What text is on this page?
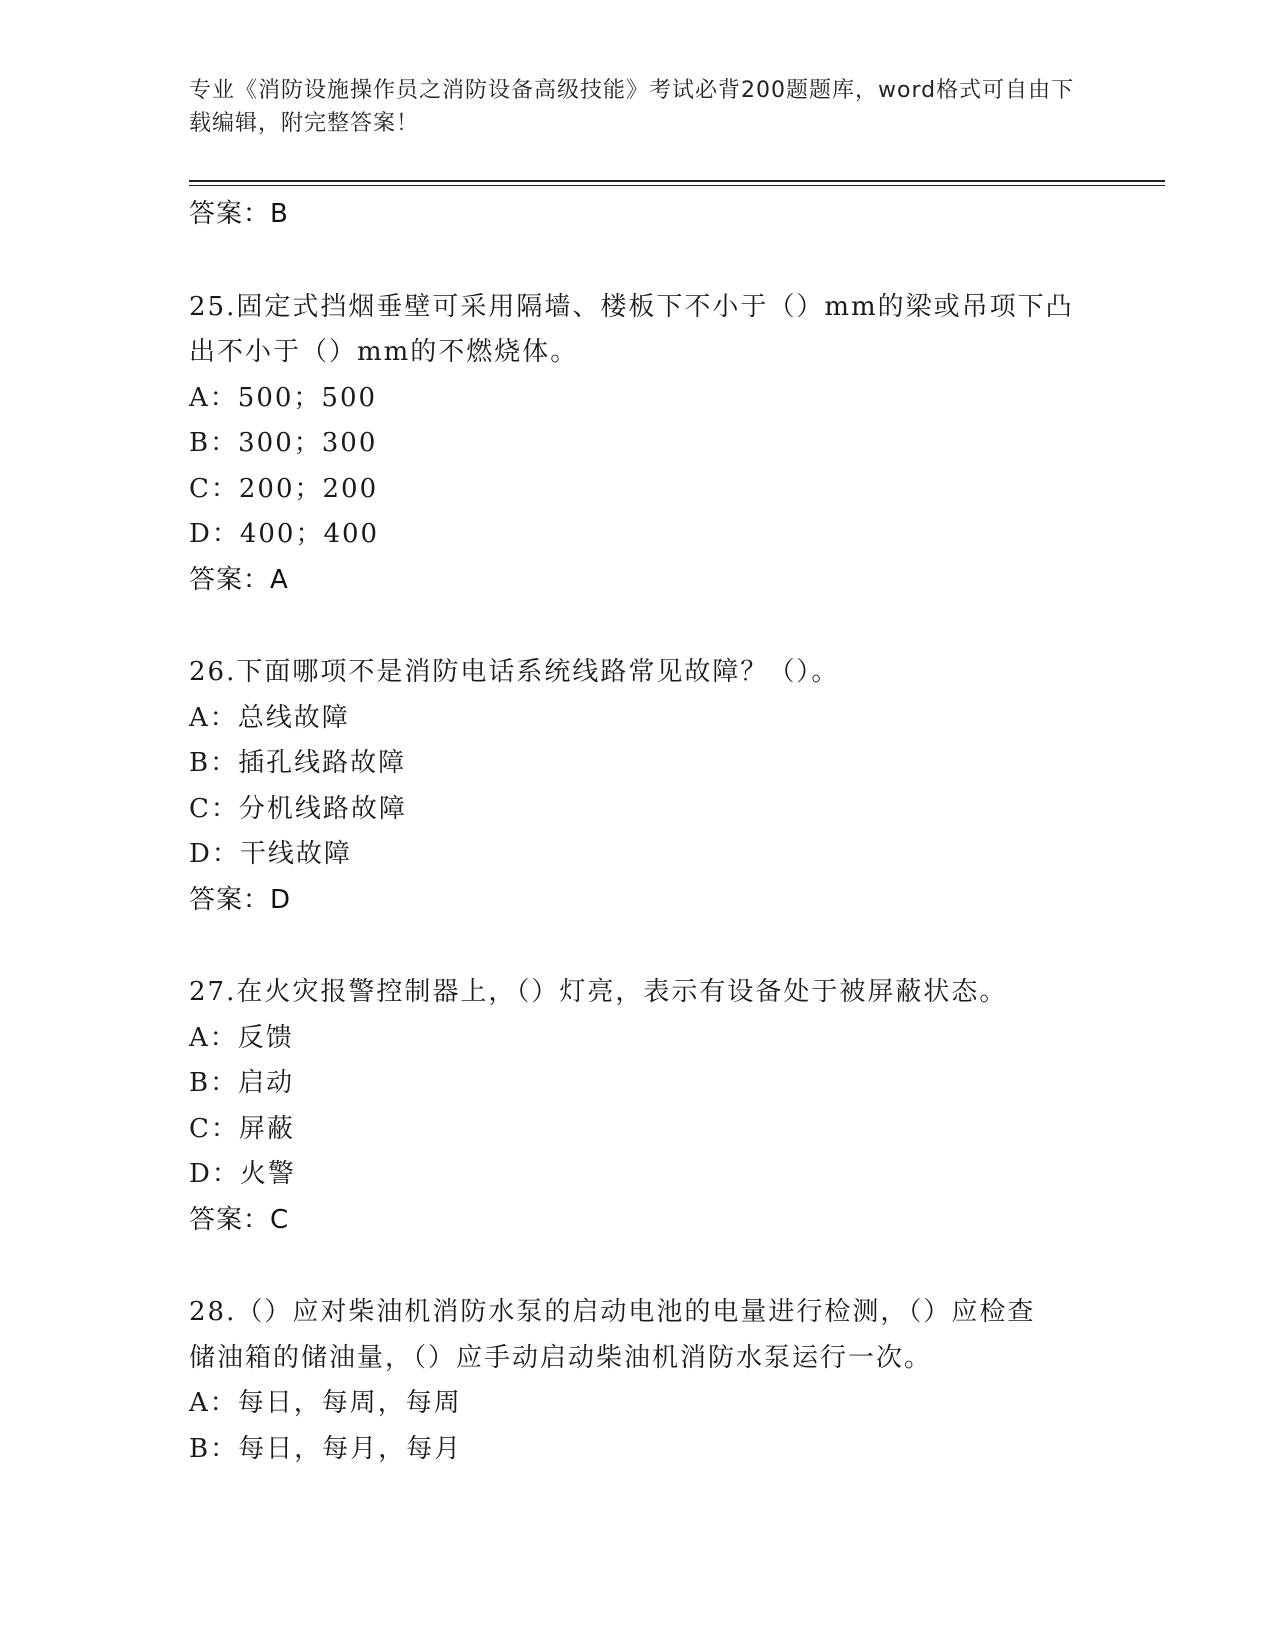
专业《消防设施操作员之消防设备高级技能》考试必背200题题库，word格式可自由下载编辑，附完整答案！
答案：B
25.固定式挡烟垂壁可采用隔墙、楼板下不小于（）mm的梁或吊项下凸
出不小于（）mm的不燃烧体。
A：500；500
B：300；300
C：200；200
D：400；400
答案：A
26.下面哪项不是消防电话系统线路常见故障？（）。
A：总线故障
B：插孔线路故障
C：分机线路故障
D：干线故障
答案：D
27.在火灾报警控制器上，（）灯亮，表示有设备处于被屏蔽状态。
A：反馈
B：启动
C：屏蔽
D：火警
答案：C
28.（）应对柴油机消防水泵的启动电池的电量进行检测，（）应检查
储油箱的储油量，（）应手动启动柴油机消防水泵运行一次。
A：每日，每周，每周
B：每日，每月，每月
